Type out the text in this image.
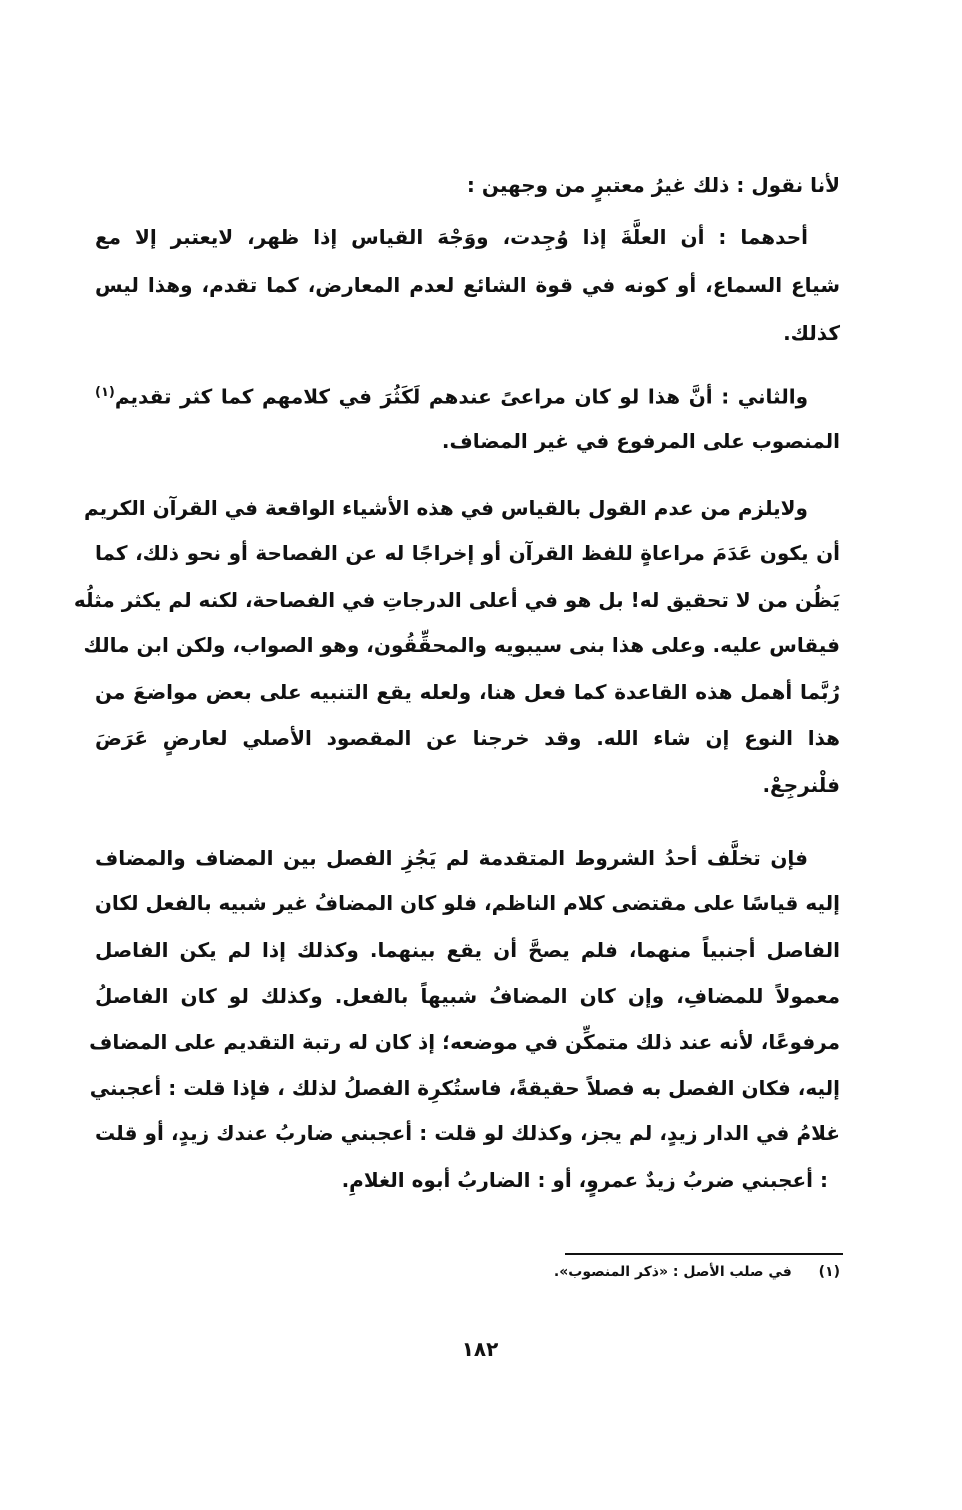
لأنا نقول : ذلك غيرُ معتبرٍ من وجهين :
أحدهما : أن العلَّةَ إذا وُجِدت، ووَجْهَ القياس إذا ظهر، لايعتبر إلا مع
شياع السماع، أو كونه في قوة الشائع لعدم المعارض، كما تقدم، وهذا ليس
كذلك.
والثاني : أنَّ هذا لو كان مراعىً عندهم لَكَثُرَ في كلامهم كما كثر تقديم$^{(١)}$
المنصوب على المرفوع في غير المضاف.
ولايلزم من عدم القول بالقياس في هذه الأشياء الواقعة في القرآن الكريم
أن يكون عَدَمَ مراعاةٍ للفظ القرآن أو إخراجًا له عن الفصاحة أو نحو ذلك، كما
يَظُن من لا تحقيق له! بل هو في أعلى الدرجاتِ في الفصاحة، لكنه لم يكثر مثلُه
فيقاس عليه. وعلى هذا بنى سيبويه والمحقِّقُون، وهو الصواب، ولكن ابن مالك
رُبَّما أهمل هذه القاعدة كما فعل هنا، ولعله يقع التنبيه على بعض مواضعَ من
هذا النوع إن شاء الله. وقد خرجنا عن المقصود الأصلي لعارضٍ عَرَضَ
فلْنرجِعْ.
فإن تخلَّف أحدُ الشروط المتقدمة لم يَجُزِ الفصل بين المضاف والمضاف
إليه قياسًا على مقتضى كلام الناظم، فلو كان المضافُ غير شبيه بالفعل لكان
الفاصل أجنبياً منهما، فلم يصحَّ أن يقع بينهما. وكذلك إذا لم يكن الفاصل
معمولاً للمضافِ، وإن كان المضافُ شبيهاً بالفعل. وكذلك لو كان الفاصلُ
مرفوعًا، لأنه عند ذلك متمكِّن في موضعه؛ إذ كان له رتبة التقديم على المضاف
إليه، فكان الفصل به فصلاً حقيقةً، فاستُكرِة الفصلُ لذلك ، فإذا قلت : أعجبني
غلامُ في الدار زيدٍ، لم يجز، وكذلك لو قلت : أعجبني ضاربُ عندك زيدٍ، أو قلت
: أعجبني ضربُ زيدٌ عمروٍ، أو : الضاربُ أبوه الغلامِ.
(١) في صلب الأصل : «ذكر المنصوب».
١٨٢
